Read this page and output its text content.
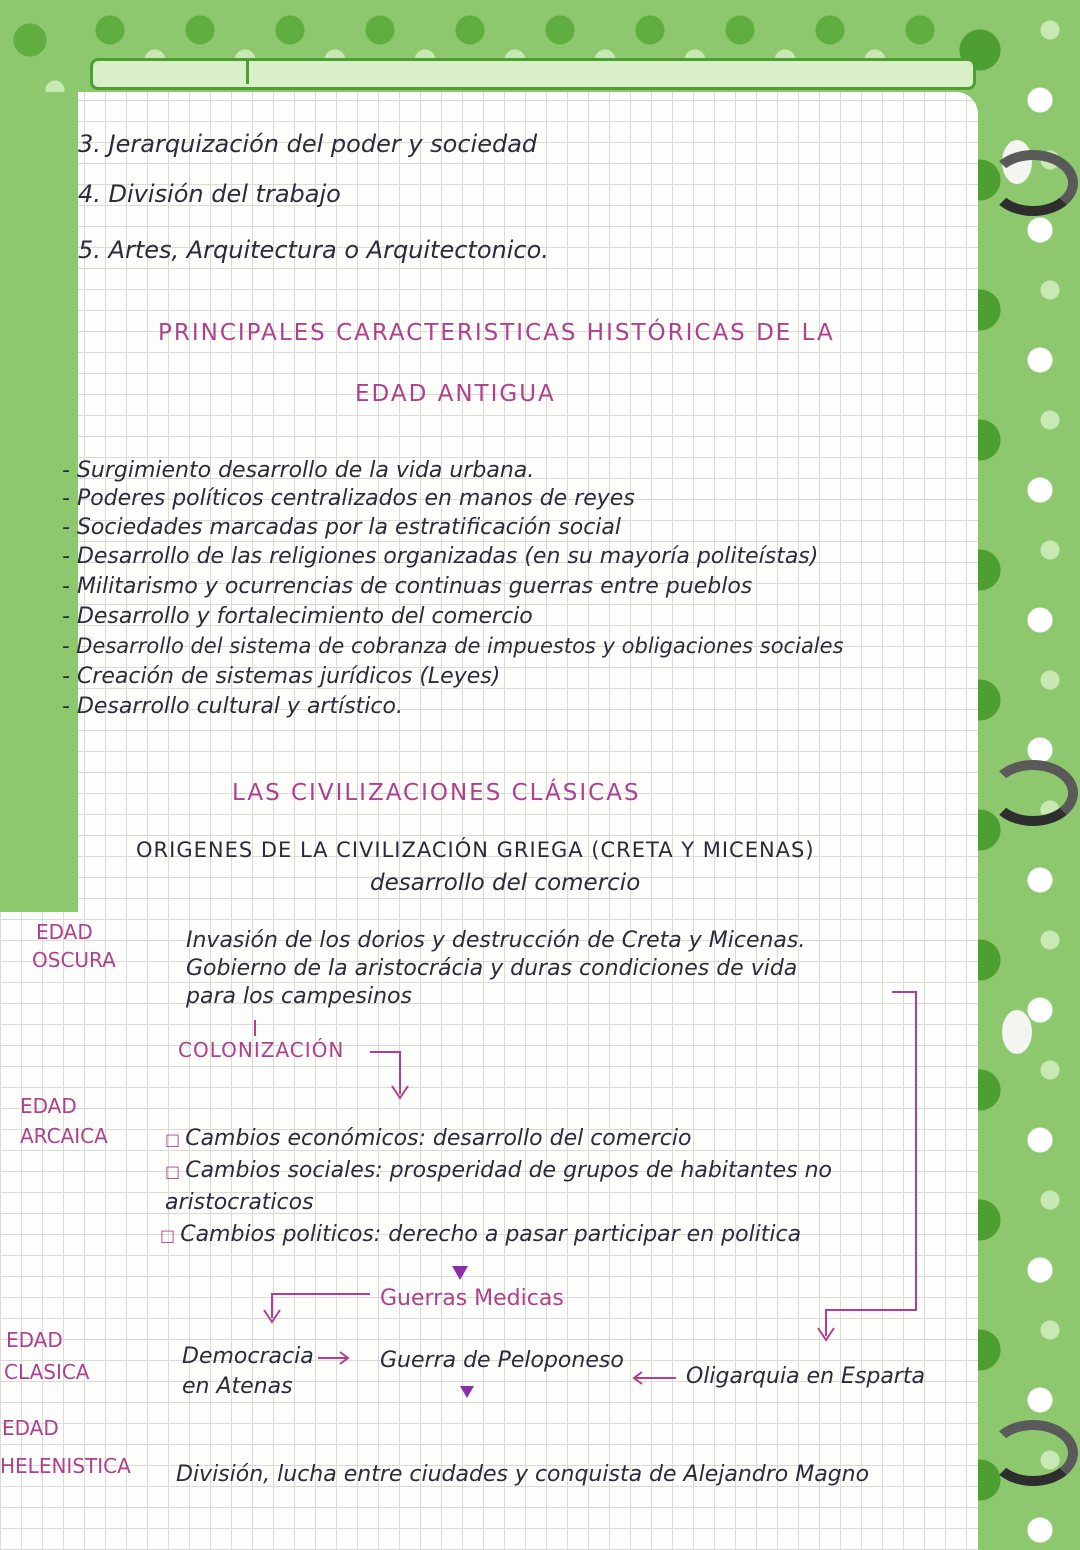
3. Jerarquización del poder y sociedad
4. División del trabajo
5. Artes, Arquitectura o Arquitectonico.
PRINCIPALES CARACTERISTICAS HISTÓRICAS DE LA
EDAD ANTIGUA
- Surgimiento desarrollo de la vida urbana.
- Poderes políticos centralizados en manos de reyes
- Sociedades marcadas por la estratificación social
- Desarrollo de las religiones organizadas (en su mayoría politeístas)
- Militarismo y ocurrencias de continuas guerras entre pueblos
- Desarrollo y fortalecimiento del comercio
- Desarrollo del sistema de cobranza de impuestos y obligaciones sociales
- Creación de sistemas jurídicos (Leyes)
- Desarrollo cultural y artístico.
LAS CIVILIZACIONES CLÁSICAS
ORIGENES DE LA CIVILIZACIÓN GRIEGA (CRETA Y MICENAS)
desarrollo del comercio
EDAD
OSCURA
Invasión de los dorios y destrucción de Creta y Micenas.
Gobierno de la aristocrácia y duras condiciones de vida
para los campesinos
COLONIZACIÓN
EDAD
ARCAICA
□	Cambios económicos: desarrollo del comercio
□ Cambios sociales: prosperidad de grupos de habitantes no
aristocraticos
□ Cambios politicos: derecho a pasar participar en politica
Guerras Medicas
EDAD
CLASICA
Democracia
en Atenas
Guerra de Peloponeso
Oligarquia en Esparta
EDAD
HELENISTICA División, lucha entre ciudades y conquista de Alejandro Magno
